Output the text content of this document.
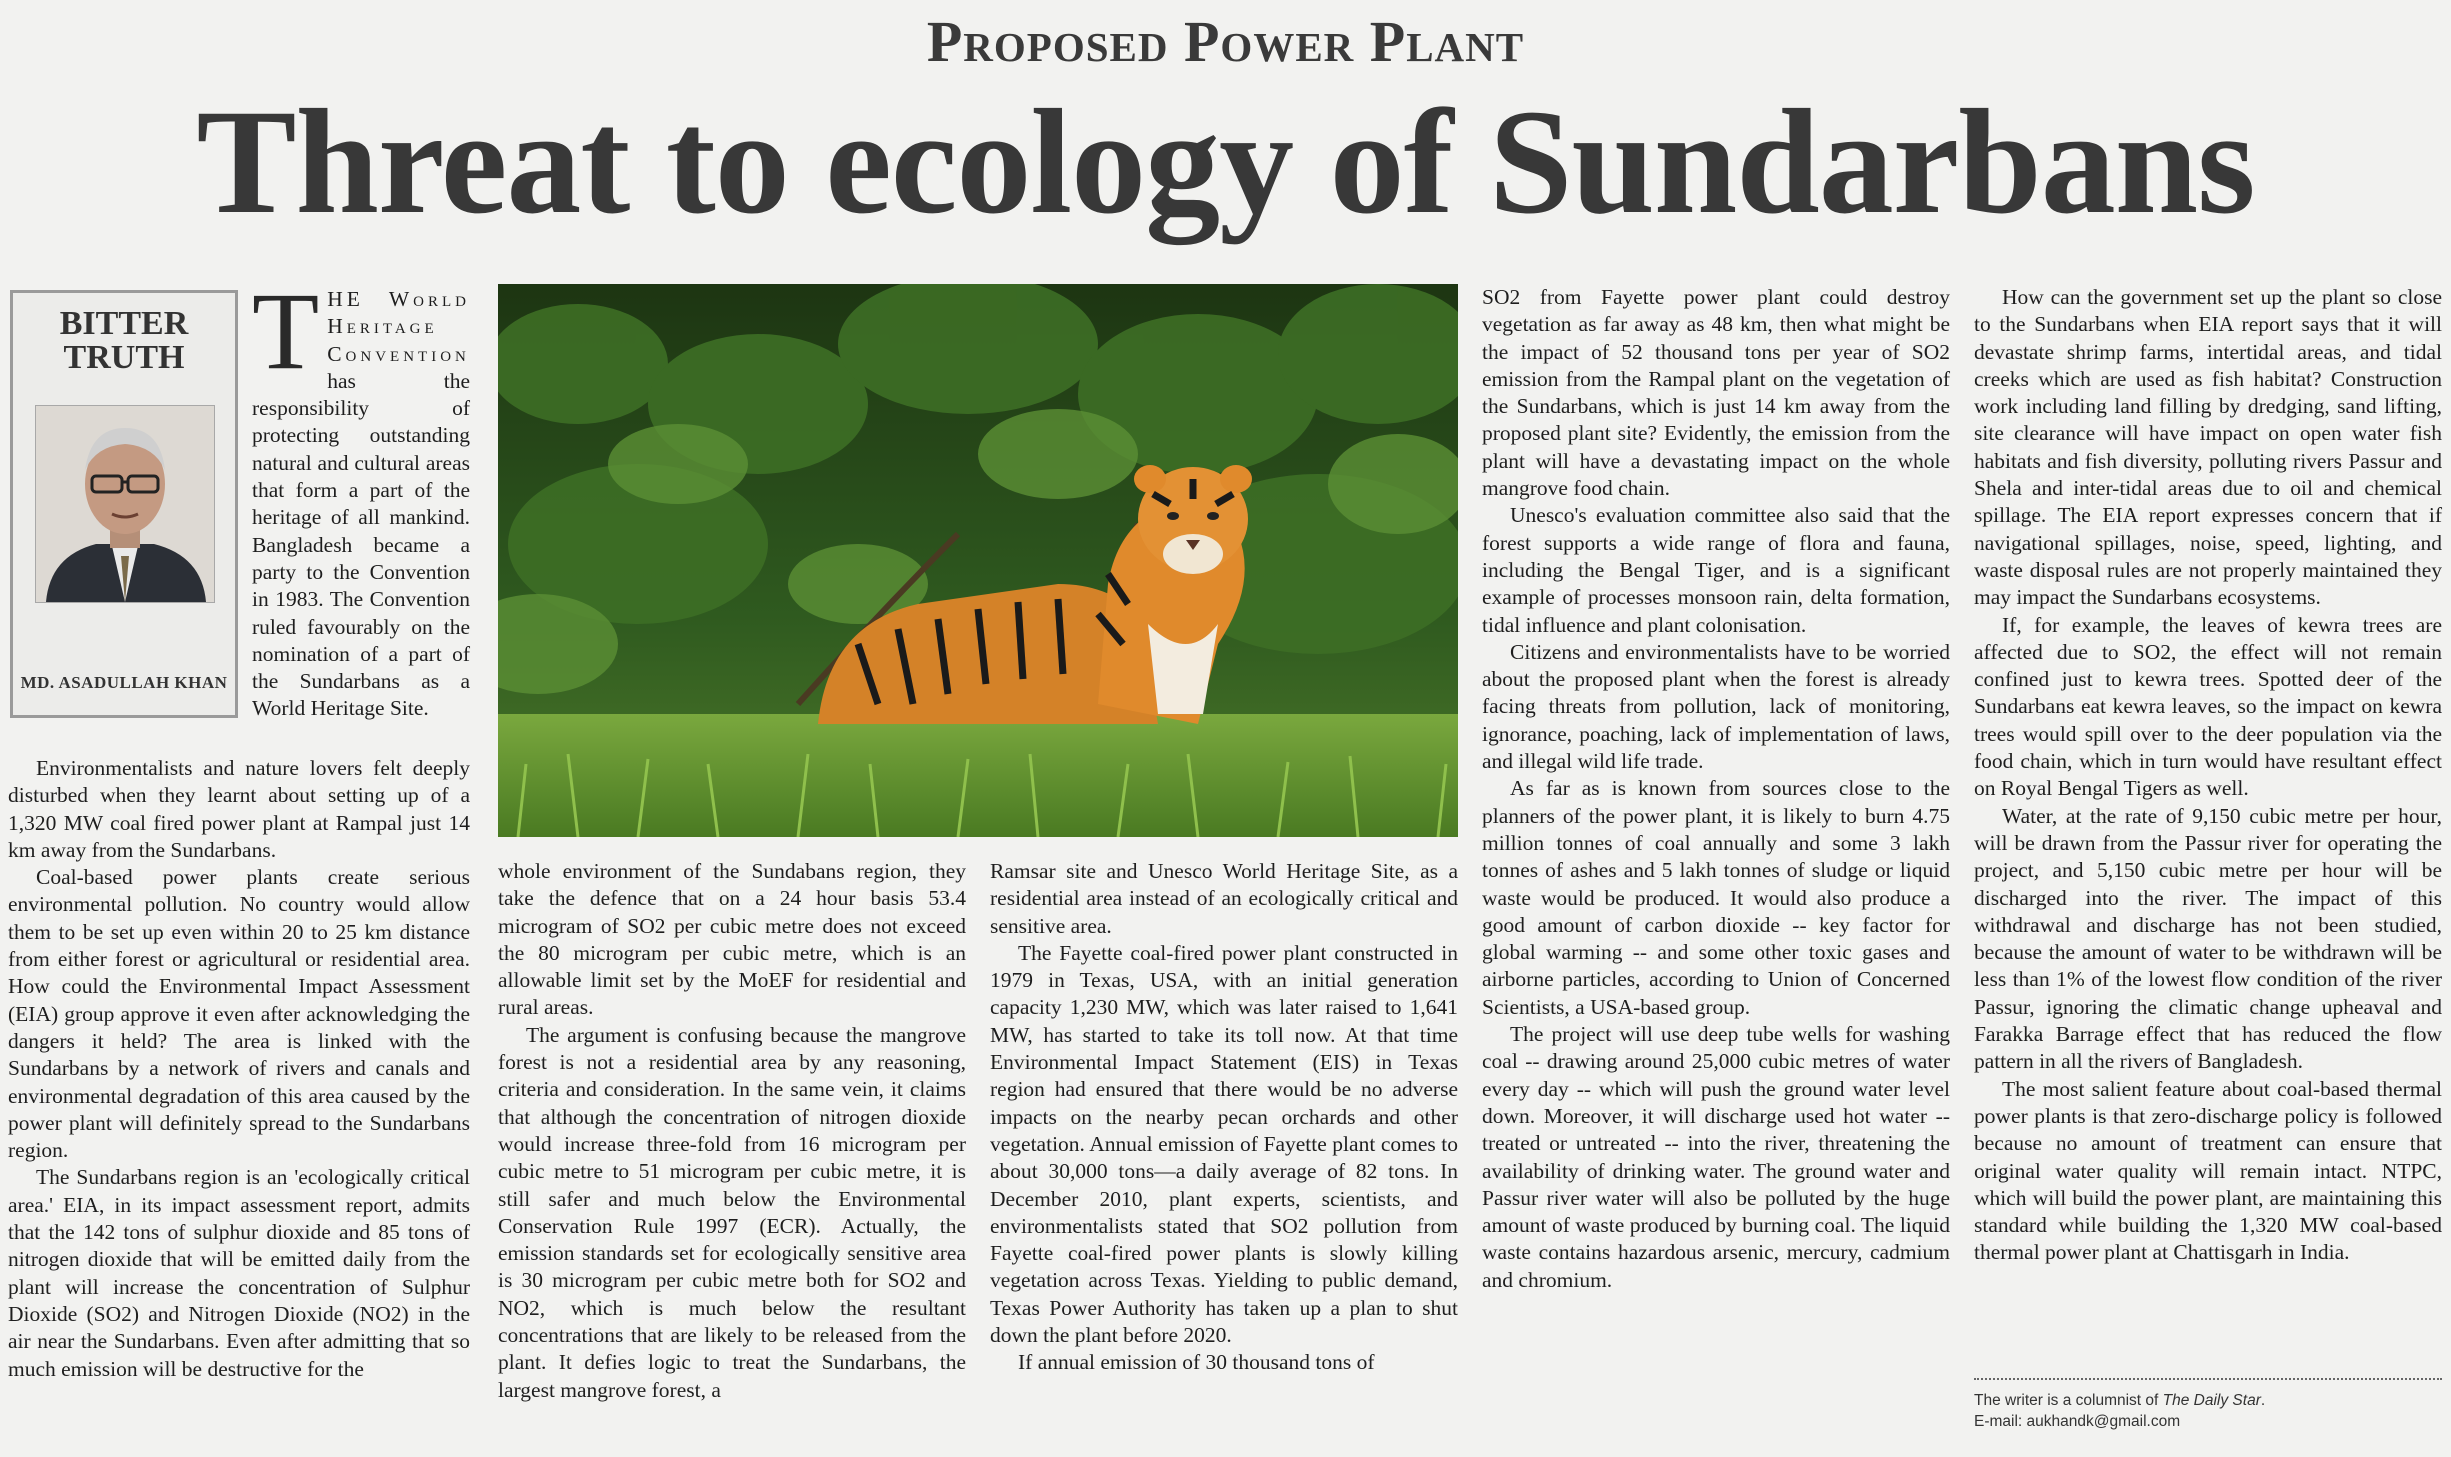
Proposed Power Plant
Threat to ecology of Sundarbans
BITTER
TRUTH
MD. ASADULLAH KHAN
T HE World Heritage Convention has the responsibility of protecting outstanding natural and cultural areas that form a part of the heritage of all mankind. Bangladesh became a party to the Convention in 1983. The Convention ruled favourably on the nomination of a part of the Sundarbans as a World Heritage Site.

Environmentalists and nature lovers felt deeply disturbed when they learnt about setting up of a 1,320 MW coal fired power plant at Rampal just 14 km away from the Sundarbans.

Coal-based power plants create serious environmental pollution. No country would allow them to be set up even within 20 to 25 km distance from either forest or agricultural or residential area. How could the Environmental Impact Assessment (EIA) group approve it even after acknowledging the dangers it held? The area is linked with the Sundarbans by a network of rivers and canals and environmental degradation of this area caused by the power plant will definitely spread to the Sundarbans region.

The Sundarbans region is an 'ecologically critical area.' EIA, in its impact assessment report, admits that the 142 tons of sulphur dioxide and 85 tons of nitrogen dioxide that will be emitted daily from the plant will increase the concentration of Sulphur Dioxide (SO2) and Nitrogen Dioxide (NO2) in the air near the Sundarbans. Even after admitting that so much emission will be destructive for the

whole environment of the Sundabans region, they take the defence that on a 24 hour basis 53.4 microgram of SO2 per cubic metre does not exceed the 80 microgram per cubic metre, which is an allowable limit set by the MoEF for residential and rural areas.

The argument is confusing because the mangrove forest is not a residential area by any reasoning, criteria and consideration. In the same vein, it claims that although the concentration of nitrogen dioxide would increase three-fold from 16 microgram per cubic metre to 51 microgram per cubic metre, it is still safer and much below the Environmental Conservation Rule 1997 (ECR). Actually, the emission standards set for ecologically sensitive area is 30 microgram per cubic metre both for SO2 and NO2, which is much below the resultant concentrations that are likely to be released from the plant. It defies logic to treat the Sundarbans, the largest mangrove forest, a

Ramsar site and Unesco World Heritage Site, as a residential area instead of an ecologically critical and sensitive area.

The Fayette coal-fired power plant constructed in 1979 in Texas, USA, with an initial generation capacity 1,230 MW, which was later raised to 1,641 MW, has started to take its toll now. At that time Environmental Impact Statement (EIS) in Texas region had ensured that there would be no adverse impacts on the nearby pecan orchards and other vegetation. Annual emission of Fayette plant comes to about 30,000 tons—a daily average of 82 tons. In December 2010, plant experts, scientists, and environmentalists stated that SO2 pollution from Fayette coal-fired power plants is slowly killing vegetation across Texas. Yielding to public demand, Texas Power Authority has taken up a plan to shut down the plant before 2020.

If annual emission of 30 thousand tons of

SO2 from Fayette power plant could destroy vegetation as far away as 48 km, then what might be the impact of 52 thousand tons per year of SO2 emission from the Rampal plant on the vegetation of the Sundarbans, which is just 14 km away from the proposed plant site? Evidently, the emission from the plant will have a devastating impact on the whole mangrove food chain.

Unesco's evaluation committee also said that the forest supports a wide range of flora and fauna, including the Bengal Tiger, and is a significant example of processes monsoon rain, delta formation, tidal influence and plant colonisation.

Citizens and environmentalists have to be worried about the proposed plant when the forest is already facing threats from pollution, lack of monitoring, ignorance, poaching, lack of implementation of laws, and illegal wild life trade.

As far as is known from sources close to the planners of the power plant, it is likely to burn 4.75 million tonnes of coal annually and some 3 lakh tonnes of ashes and 5 lakh tonnes of sludge or liquid waste would be produced. It would also produce a good amount of carbon dioxide -- key factor for global warming -- and some other toxic gases and airborne particles, according to Union of Concerned Scientists, a USA-based group.

The project will use deep tube wells for washing coal -- drawing around 25,000 cubic metres of water every day -- which will push the ground water level down. Moreover, it will discharge used hot water -- treated or untreated -- into the river, threatening the availability of drinking water. The ground water and Passur river water will also be polluted by the huge amount of waste produced by burning coal. The liquid waste contains hazardous arsenic, mercury, cadmium and chromium.

How can the government set up the plant so close to the Sundarbans when EIA report says that it will devastate shrimp farms, intertidal areas, and tidal creeks which are used as fish habitat? Construction work including land filling by dredging, sand lifting, site clearance will have impact on open water fish habitats and fish diversity, polluting rivers Passur and Shela and inter-tidal areas due to oil and chemical spillage. The EIA report expresses concern that if navigational spillages, noise, speed, lighting, and waste disposal rules are not properly maintained they may impact the Sundarbans ecosystems.

If, for example, the leaves of kewra trees are affected due to SO2, the effect will not remain confined just to kewra trees. Spotted deer of the Sundarbans eat kewra leaves, so the impact on kewra trees would spill over to the deer population via the food chain, which in turn would have resultant effect on Royal Bengal Tigers as well.

Water, at the rate of 9,150 cubic metre per hour, will be drawn from the Passur river for operating the project, and 5,150 cubic metre per hour will be discharged into the river. The impact of this withdrawal and discharge has not been studied, because the amount of water to be withdrawn will be less than 1% of the lowest flow condition of the river Passur, ignoring the climatic change upheaval and Farakka Barrage effect that has reduced the flow pattern in all the rivers of Bangladesh.

The most salient feature about coal-based thermal power plants is that zero-discharge policy is followed because no amount of treatment can ensure that original water quality will remain intact. NTPC, which will build the power plant, are maintaining this standard while building the 1,320 MW coal-based thermal power plant at Chattisgarh in India.

The writer is a columnist of The Daily Star.
E-mail: aukhandk@gmail.com
